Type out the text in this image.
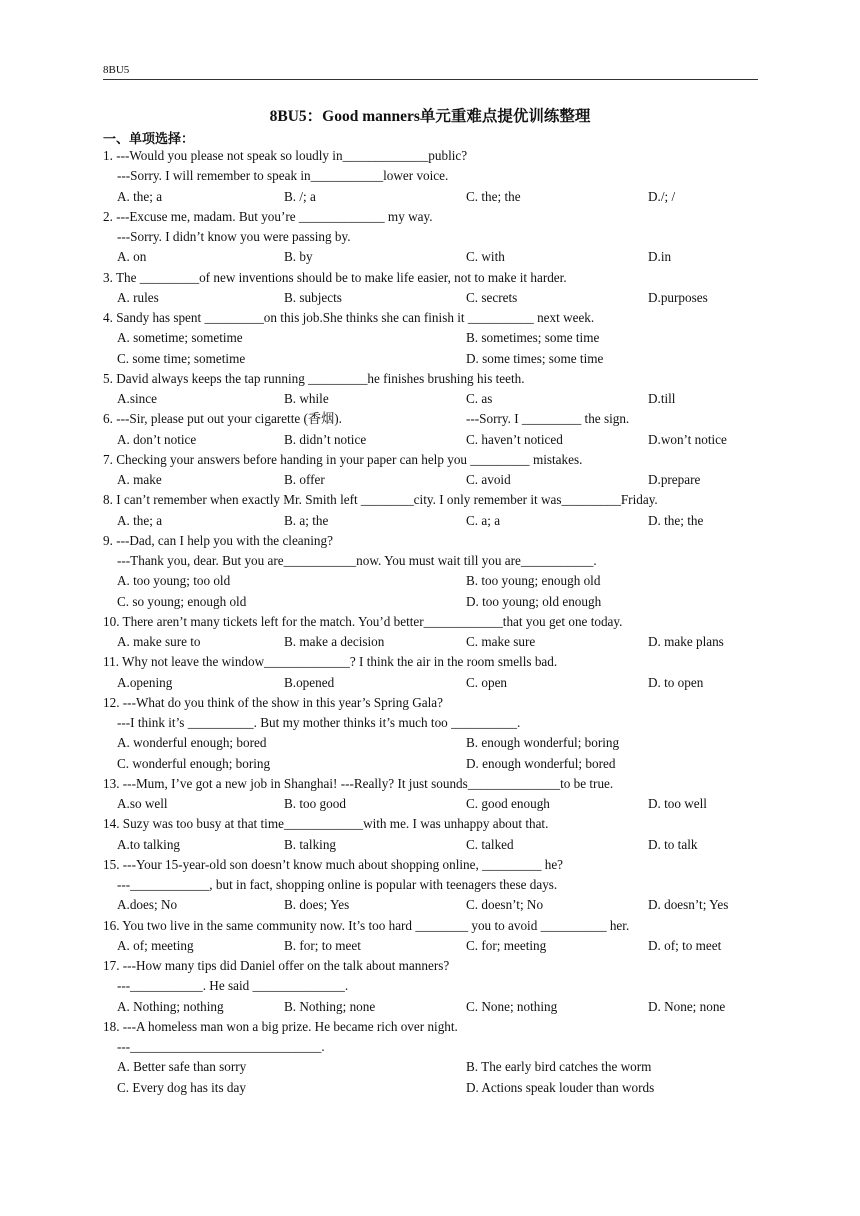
8BU5
8BU5：Good manners单元重难点提优训练整理
一、单项选择：
1. ---Would you please not speak so loudly in_____________public?
---Sorry. I will remember to speak in___________lower voice.
A. the; a	B. /; a	C. the; the	D./; /
2. ---Excuse me, madam. But you’re _____________ my way.
---Sorry. I didn’t know you were passing by.
A. on	B. by	C. with	D.in
3. The _________of new inventions should be to make life easier, not to make it harder.
A. rules	B. subjects	C. secrets	D.purposes
4. Sandy has spent _________on this job.She thinks she can finish it __________ next week.
A. sometime; sometime	B. sometimes; some time
C. some time; sometime	D. some times; some time
5. David always keeps the tap running _________he finishes brushing his teeth.
A.since	B. while	C. as	D.till
6. ---Sir, please put out your cigarette (香烟).	---Sorry. I _________ the sign.
A. don’t notice	B. didn’t notice	C. haven’t noticed	D.won’t notice
7. Checking your answers before handing in your paper can help you _________ mistakes.
A. make	B. offer	C. avoid	D.prepare
8. I can’t remember when exactly Mr. Smith left ________city. I only remember it was_________Friday.
A. the; a	B. a; the	C. a; a	D. the; the
9. ---Dad, can I help you with the cleaning?
---Thank you, dear. But you are___________now. You must wait till you are___________.
A. too young; too old	B. too young; enough old
C. so young; enough old	D. too young; old enough
10. There aren’t many tickets left for the match. You’d better____________that you get one today.
A. make sure to	B. make a decision	C. make sure	D. make plans
11. Why not leave the window_____________? I think the air in the room smells bad.
A.opening	B.opened	C. open	D. to open
12. ---What do you think of the show in this year’s Spring Gala?
---I think it’s __________. But my mother thinks it’s much too __________.
A. wonderful enough; bored	B. enough wonderful; boring
C. wonderful enough; boring	D. enough wonderful; bored
13. ---Mum, I’ve got a new job in Shanghai! ---Really? It just sounds______________to be true.
A.so well	B. too good	C. good enough	D. too well
14. Suzy was too busy at that time____________with me. I was unhappy about that.
A.to talking	B. talking	C. talked	D. to talk
15. ---Your 15-year-old son doesn’t know much about shopping online, _________ he?
---____________, but in fact, shopping online is popular with teenagers these days.
A.does; No	B. does; Yes	C. doesn’t; No	D. doesn’t; Yes
16. You two live in the same community now. It’s too hard ________ you to avoid __________ her.
A. of; meeting	B. for; to meet	C. for; meeting	D. of; to meet
17. ---How many tips did Daniel offer on the talk about manners?
---___________. He said ______________.
A. Nothing; nothing	B. Nothing; none	C. None; nothing	D. None; none
18. ---A homeless man won a big prize. He became rich over night.
---_____________________________.
A. Better safe than sorry	B. The early bird catches the worm
C. Every dog has its day	D. Actions speak louder than words
